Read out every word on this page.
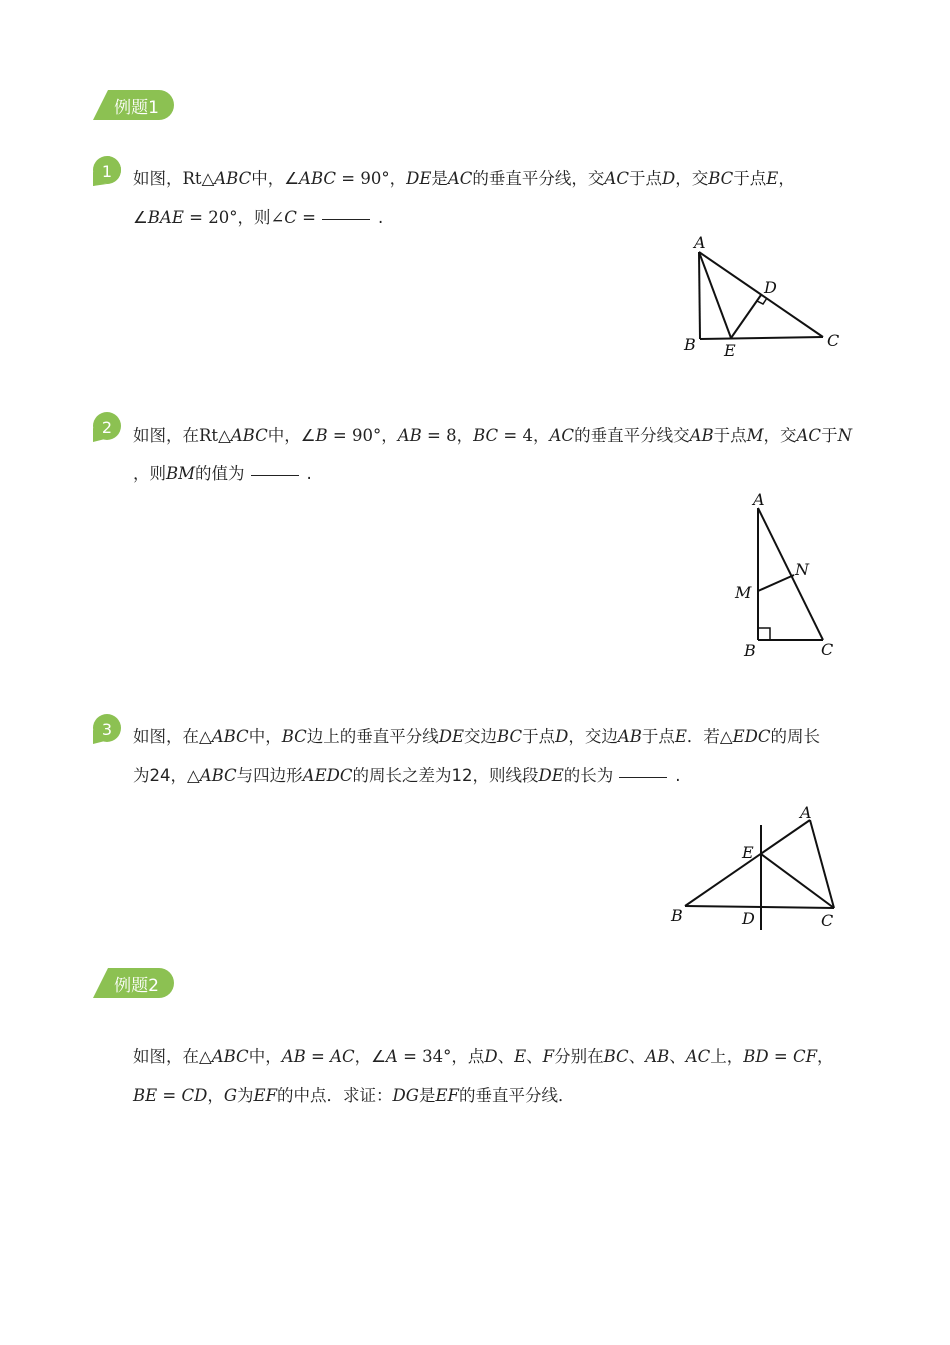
例题1
1	如图，Rt△ABC中，∠ABC = 90°，DE是AC的垂直平分线，交AC于点D，交BC于点E，
∠BAE = 20°，则∠C =	.
A
B	C
D
E
2	如图，在Rt△ABC中，∠B = 90°，AB = 8，BC = 4，AC的垂直平分线交AB于点M，交AC于N
，则BM的值为	.
A
B	C
M
N
3	如图，在△ABC中，BC边上的垂直平分线DE交边BC于点D，交边AB于点E．若△EDC的周长
为24，△ABC与四边形AEDC的周长之差为12，则线段DE的长为	.
A
B	C
D
E
例题2
如图，在△ABC中，AB = AC，∠A = 34°，点D、E、F分别在BC、AB、AC上，BD = CF，
BE = CD，G为EF的中点．求证：DG是EF的垂直平分线．
